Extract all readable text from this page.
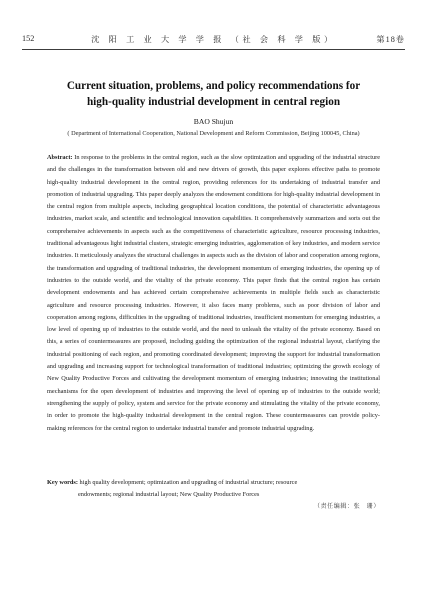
152	沈 阳 工 业 大 学 学 报 （社 会 科 学 版）	第18卷
Current situation, problems, and policy recommendations for
high-quality industrial development in central region
BAO Shujun
( Department of International Cooperation, National Development and Reform Commission, Beijing 100045, China)
Abstract: In response to the problems in the central region, such as the slow optimization and upgrading of the industrial structure and the challenges in the transformation between old and new drivers of growth, this paper explores effective paths to promote high-quality industrial development in the central region, providing references for its undertaking of industrial transfer and promotion of industrial upgrading. This paper deeply analyzes the endowment conditions for high-quality industrial development in the central region from multiple aspects, including geographical location conditions, the potential of characteristic advantageous industries, market scale, and scientific and technological innovation capabilities. It comprehensively summarizes and sorts out the comprehensive achievements in aspects such as the competitiveness of characteristic agriculture, resource processing industries, traditional advantageous light industrial clusters, strategic emerging industries, agglomeration of key industries, and modern service industries. It meticulously analyzes the structural challenges in aspects such as the division of labor and cooperation among regions, the transformation and upgrading of traditional industries, the development momentum of emerging industries, the opening up of industries to the outside world, and the vitality of the private economy. This paper finds that the central region has certain development endowments and has achieved certain comprehensive achievements in multiple fields such as characteristic agriculture and resource processing industries. However, it also faces many problems, such as poor division of labor and cooperation among regions, difficulties in the upgrading of traditional industries, insufficient momentum for emerging industries, a low level of opening up of industries to the outside world, and the need to unleash the vitality of the private economy. Based on this, a series of countermeasures are proposed, including guiding the optimization of the regional industrial layout, clarifying the industrial positioning of each region, and promoting coordinated development; improving the support for industrial transformation and upgrading and increasing support for technological transformation of traditional industries; optimizing the growth ecology of New Quality Productive Forces and cultivating the development momentum of emerging industries; innovating the institutional mechanisms for the open development of industries and improving the level of opening up of industries to the outside world; strengthening the supply of policy, system and service for the private economy and stimulating the vitality of the private economy, in order to promote the high-quality industrial development in the central region. These countermeasures can provide policy-making references for the central region to undertake industrial transfer and promote industrial upgrading.
Key words: high quality development; optimization and upgrading of industrial structure; resource
endowments; regional industrial layout; New Quality Productive Forces
（责任编辑：张　珊）
